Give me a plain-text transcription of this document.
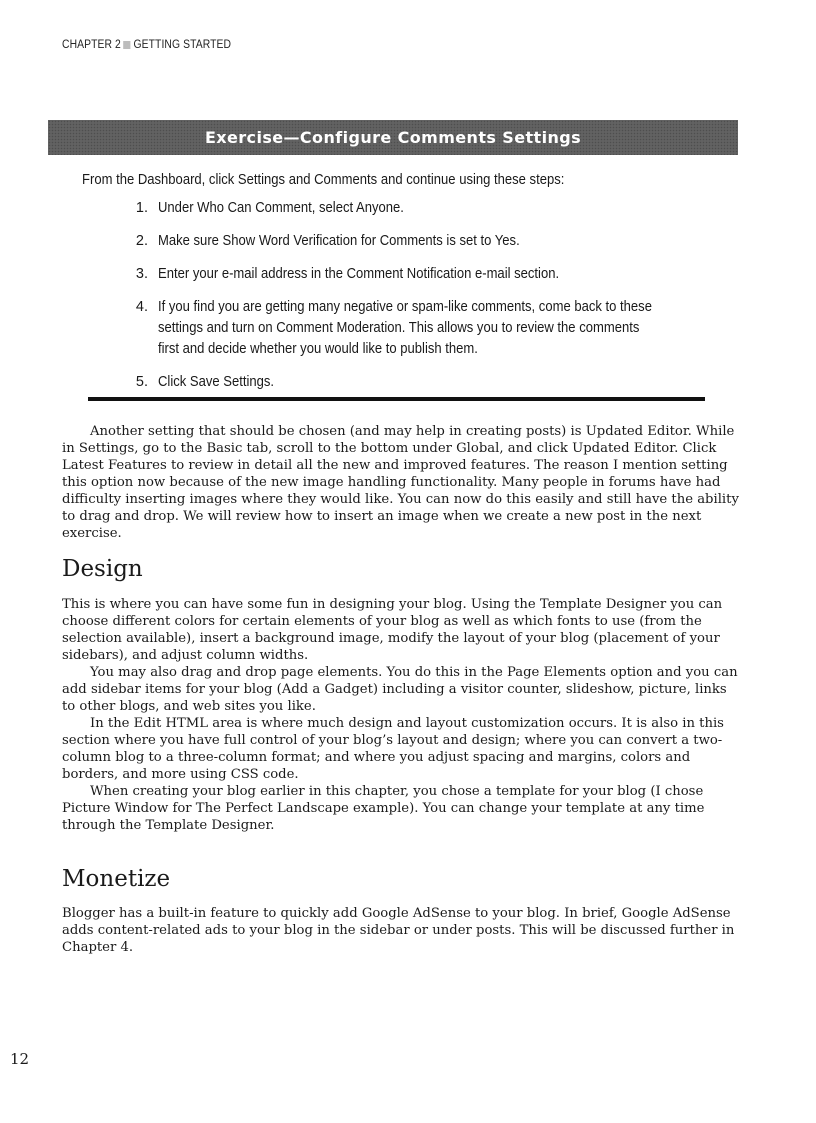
CHAPTER 2 GETTING STARTED
Exercise—Configure Comments Settings

From the Dashboard, click Settings and Comments and continue using these steps:

1. Under Who Can Comment, select Anyone.
2. Make sure Show Word Verification for Comments is set to Yes.
3. Enter your e-mail address in the Comment Notification e-mail section.
4. If you find you are getting many negative or spam-like comments, come back to these settings and turn on Comment Moderation. This allows you to review the comments first and decide whether you would like to publish them.
5. Click Save Settings.

Another setting that should be chosen (and may help in creating posts) is Updated Editor. While in Settings, go to the Basic tab, scroll to the bottom under Global, and click Updated Editor. Click Latest Features to review in detail all the new and improved features. The reason I mention setting this option now because of the new image handling functionality. Many people in forums have had difficulty inserting images where they would like. You can now do this easily and still have the ability to drag and drop. We will review how to insert an image when we create a new post in the next exercise.

Design

This is where you can have some fun in designing your blog. Using the Template Designer you can choose different colors for certain elements of your blog as well as which fonts to use (from the selection available), insert a background image, modify the layout of your blog (placement of your sidebars), and adjust column widths.

You may also drag and drop page elements. You do this in the Page Elements option and you can add sidebar items for your blog (Add a Gadget) including a visitor counter, slideshow, picture, links to other blogs, and web sites you like.

In the Edit HTML area is where much design and layout customization occurs. It is also in this section where you have full control of your blog’s layout and design; where you can convert a two-column blog to a three-column format; and where you adjust spacing and margins, colors and borders, and more using CSS code.

When creating your blog earlier in this chapter, you chose a template for your blog (I chose Picture Window for The Perfect Landscape example). You can change your template at any time through the Template Designer.

Monetize

Blogger has a built-in feature to quickly add Google AdSense to your blog. In brief, Google AdSense adds content-related ads to your blog in the sidebar or under posts. This will be discussed further in Chapter 4.

12
